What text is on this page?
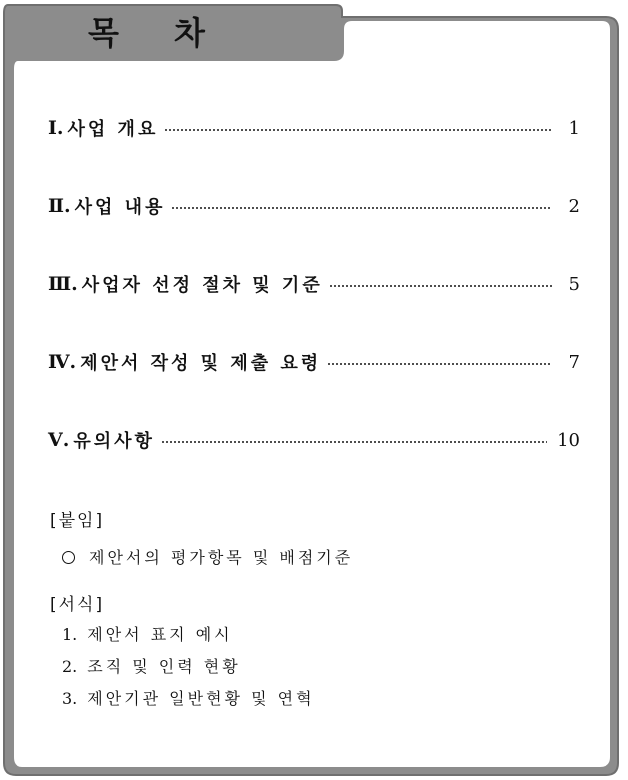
목 차
Ⅰ. 사업 개요	1
Ⅱ. 사업 내용	2
Ⅲ. 사업자 선정 절차 및 기준	5
Ⅳ. 제안서 작성 및 제출 요령	7
Ⅴ. 유의사항	10
[붙임]
제안서의 평가항목 및 배점기준
[서식]
1. 제안서 표지 예시
2. 조직 및 인력 현황
3. 제안기관 일반현황 및 연혁
